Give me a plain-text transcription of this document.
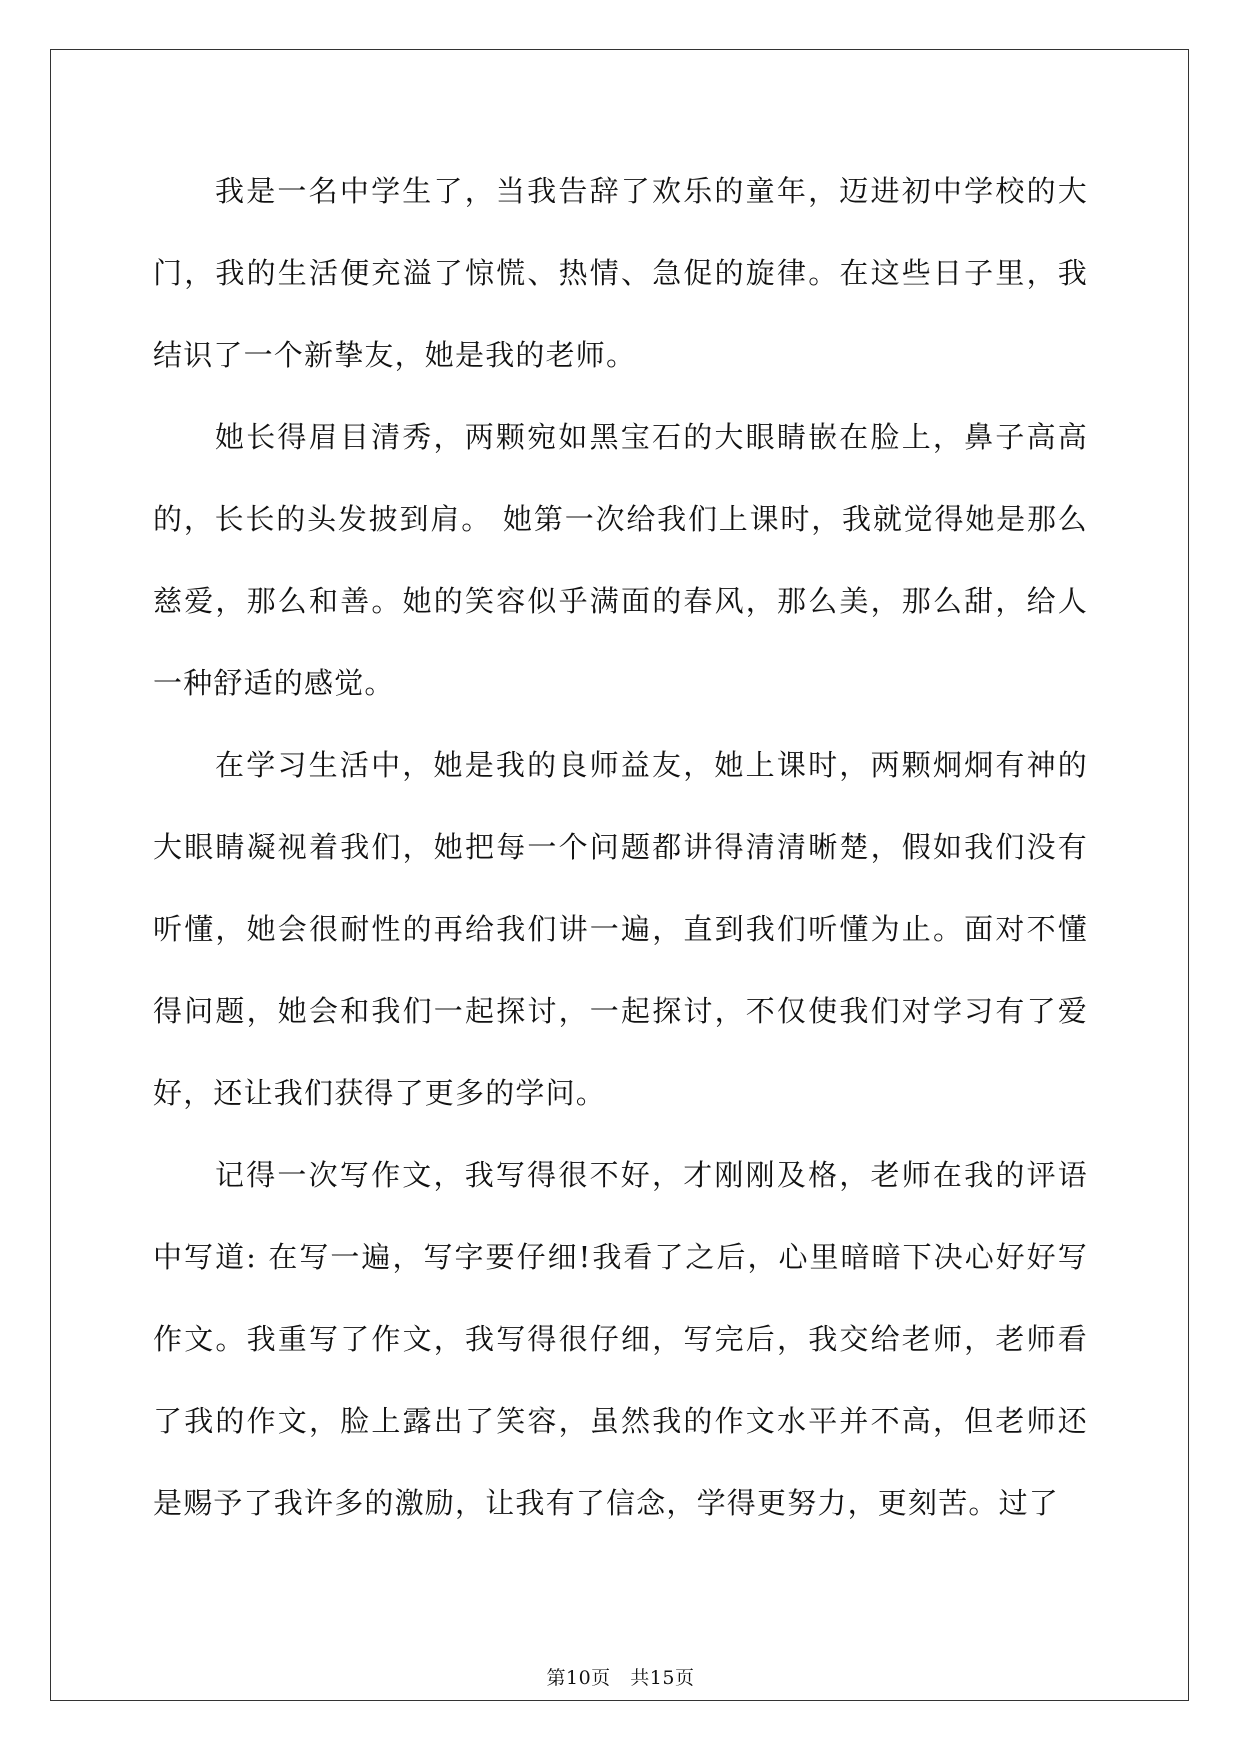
我是一名中学生了，当我告辞了欢乐的童年，迈进初中学校的大门，我的生活便充溢了惊慌、热情、急促的旋律。在这些日子里，我结识了一个新挚友，她是我的老师。

她长得眉目清秀，两颗宛如黑宝石的大眼睛嵌在脸上，鼻子高高的，长长的头发披到肩。 她第一次给我们上课时，我就觉得她是那么慈爱，那么和善。她的笑容似乎满面的春风，那么美，那么甜，给人一种舒适的感觉。

在学习生活中，她是我的良师益友，她上课时，两颗炯炯有神的大眼睛凝视着我们，她把每一个问题都讲得清清晰楚，假如我们没有听懂，她会很耐性的再给我们讲一遍，直到我们听懂为止。面对不懂得问题，她会和我们一起探讨，一起探讨，不仅使我们对学习有了爱好，还让我们获得了更多的学问。

记得一次写作文，我写得很不好，才刚刚及格，老师在我的评语中写道: 在写一遍，写字要仔细!我看了之后，心里暗暗下决心好好写作文。我重写了作文，我写得很仔细，写完后，我交给老师，老师看了我的作文，脸上露出了笑容，虽然我的作文水平并不高，但老师还是赐予了我许多的激励，让我有了信念，学得更努力，更刻苦。过了

第10页   共15页
